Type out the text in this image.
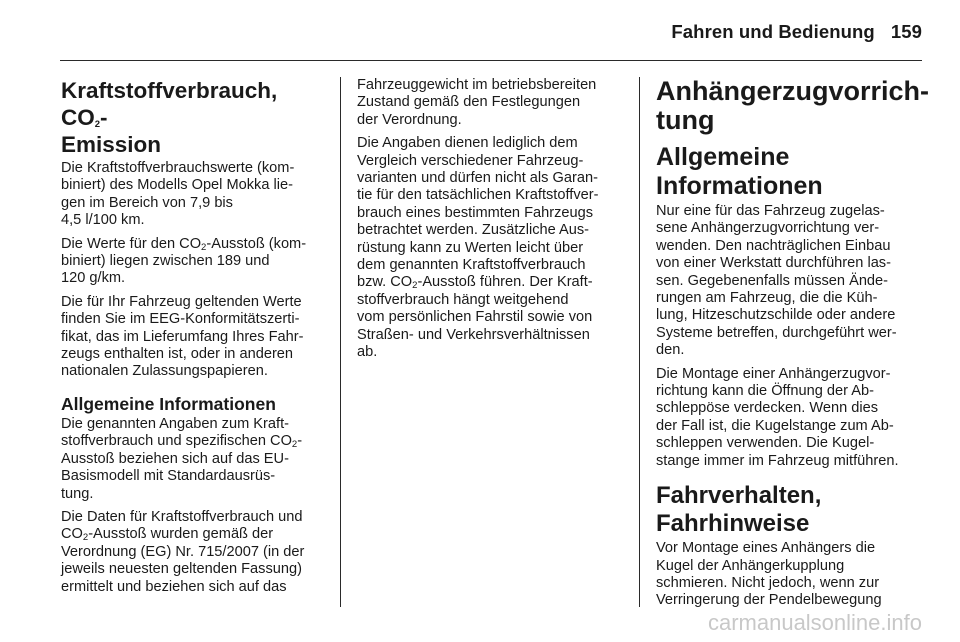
Fahren und Bedienung 159
Kraftstoffverbrauch, $CO_2-$
Emission

Die Kraftstoffverbrauchswerte (kom-
biniert) des Modells Opel Mokka lie-
gen im Bereich von 7,9 bis
4,5 l/100 km.

Die Werte für den $CO_2$-Ausstoß (kom-
biniert) liegen zwischen 189 und
120 g/km.

Die für Ihr Fahrzeug geltenden Werte
finden Sie im EEG-Konformitätszerti-
fikat, das im Lieferumfang Ihres Fahr-
zeugs enthalten ist, oder in anderen
nationalen Zulassungspapieren.

Allgemeine Informationen

Die genannten Angaben zum Kraft-
stoffverbrauch und spezifischen $CO_2-$
Ausstoß beziehen sich auf das EU-
Basismodell mit Standardausrüs-
tung.

Die Daten für Kraftstoffverbrauch und
$CO_2$-Ausstoß wurden gemäß der
Verordnung (EG) Nr. 715/2007 (in der
jeweils neuesten geltenden Fassung)
ermittelt und beziehen sich auf das

Fahrzeuggewicht im betriebsbereiten
Zustand gemäß den Festlegungen
der Verordnung.

Die Angaben dienen lediglich dem
Vergleich verschiedener Fahrzeug-
varianten und dürfen nicht als Garan-
tie für den tatsächlichen Kraftstoffver-
brauch eines bestimmten Fahrzeugs
betrachtet werden. Zusätzliche Aus-
rüstung kann zu Werten leicht über
dem genannten Kraftstoffverbrauch
bzw. $CO_2$-Ausstoß führen. Der Kraft-
stoffverbrauch hängt weitgehend
vom persönlichen Fahrstil sowie von
Straßen- und Verkehrsverhältnissen
ab.

Anhängerzugvorrich-
tung
Allgemeine Informationen

Nur eine für das Fahrzeug zugelas-
sene Anhängerzugvorrichtung ver-
wenden. Den nachträglichen Einbau
von einer Werkstatt durchführen las-
sen. Gegebenenfalls müssen Ände-
rungen am Fahrzeug, die die Küh-
lung, Hitzeschutzschilde oder andere
Systeme betreffen, durchgeführt wer-
den.

Die Montage einer Anhängerzugvor-
richtung kann die Öffnung der Ab-
schleppöse verdecken. Wenn dies
der Fall ist, die Kugelstange zum Ab-
schleppen verwenden. Die Kugel-
stange immer im Fahrzeug mitführen.

Fahrverhalten,
Fahrhinweise

Vor Montage eines Anhängers die
Kugel der Anhängerkupplung
schmieren. Nicht jedoch, wenn zur
Verringerung der Pendelbewegung

carmanualsonline.info
